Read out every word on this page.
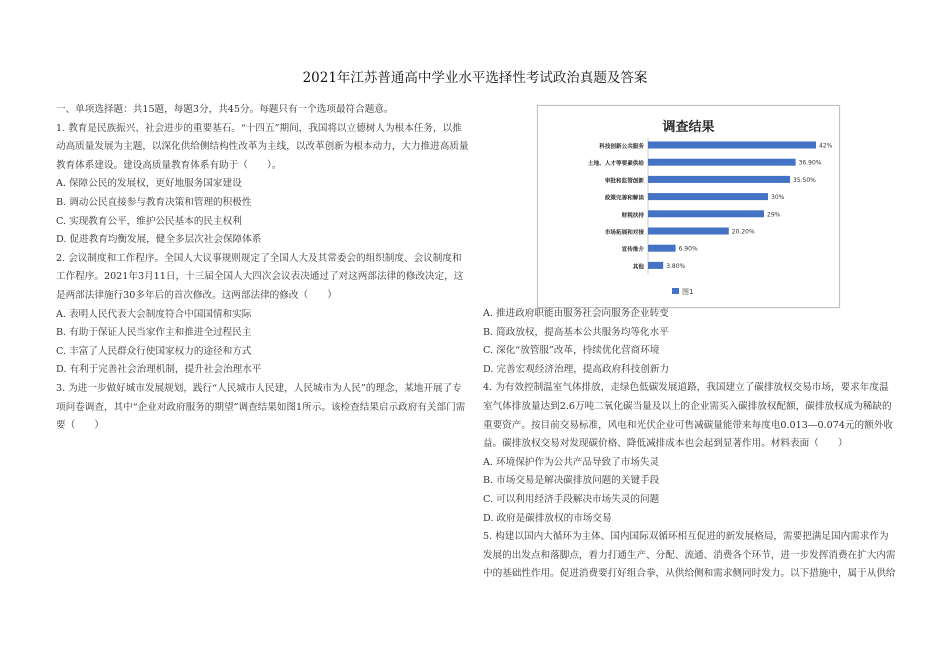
2021年江苏普通高中学业水平选择性考试政治真题及答案

一、单项选择题：共15题，每题3分，共45分。每题只有一个选项最符合题意。

1. 教育是民族振兴、社会进步的重要基石。“十四五”期间，我国将以立德树人为根本任务，以推动高质量发展为主题，以深化供给侧结构性改革为主线，以改革创新为根本动力，大力推进高质量教育体系建设。建设高质量教育体系有助于（　　）。

A. 保障公民的发展权，更好地服务国家建设

B. 调动公民直接参与教育决策和管理的积极性

C. 实现教育公平，维护公民基本的民主权利

D. 促进教育均衡发展，健全多层次社会保障体系

2. 会议制度和工作程序。全国人大议事规则规定了全国人大及其常委会的组织制度、会议制度和工作程序。2021年3月11日，十三届全国人大四次会议表决通过了对这两部法律的修改决定，这是两部法律施行30多年后的首次修改。这两部法律的修改（　　）

A. 表明人民代表大会制度符合中国国情和实际

B. 有助于保证人民当家作主和推进全过程民主

C. 丰富了人民群众行使国家权力的途径和方式

D. 有利于完善社会治理机制，提升社会治理水平

3. 为进一步做好城市发展规划，践行“人民城市人民建，人民城市为人民”的理念，某地开展了专项问卷调查，其中“企业对政府服务的期望”调查结果如图1所示。该检查结果启示政府有关部门需要（　　）

调查结果
科技创新公共服务	42%
土地、人才等要素供给	36.90%
审批和监管创新	35.50%
政策完善和解读	30%
财税扶持	29%
市场拓展和对接	20.20%
宣传推介	6.90%
其他	3.80%
图1

A. 推进政府职能由服务社会向服务企业转变

B. 简政放权，提高基本公共服务均等化水平

C. 深化“放管服”改革，持续优化营商环境

D. 完善宏观经济治理，提高政府科技创新力

4. 为有效控制温室气体排放，走绿色低碳发展道路，我国建立了碳排放权交易市场，要求年度温室气体排放量达到2.6万吨二氧化碳当量及以上的企业需买入碳排放权配额，碳排放权成为稀缺的重要资产。按目前交易标准，风电和光伏企业可售减碳量能带来每度电0.013—0.074元的额外收益。碳排放权交易对发现碳价格、降低减排成本也会起到显著作用。材料表面（　　）

A. 环境保护作为公共产品导致了市场失灵

B. 市场交易是解决碳排放问题的关键手段

C. 可以利用经济手段解决市场失灵的问题

D. 政府是碳排放权的市场交易

5. 构建以国内大循环为主体、国内国际双循环相互促进的新发展格局，需要把满足国内需求作为发展的出发点和落脚点，着力打通生产、分配、流通、消费各个环节，进一步发挥消费在扩大内需中的基础性作用。促进消费要打好组合拳，从供给侧和需求侧同时发力。以下措施中，属于从供给
